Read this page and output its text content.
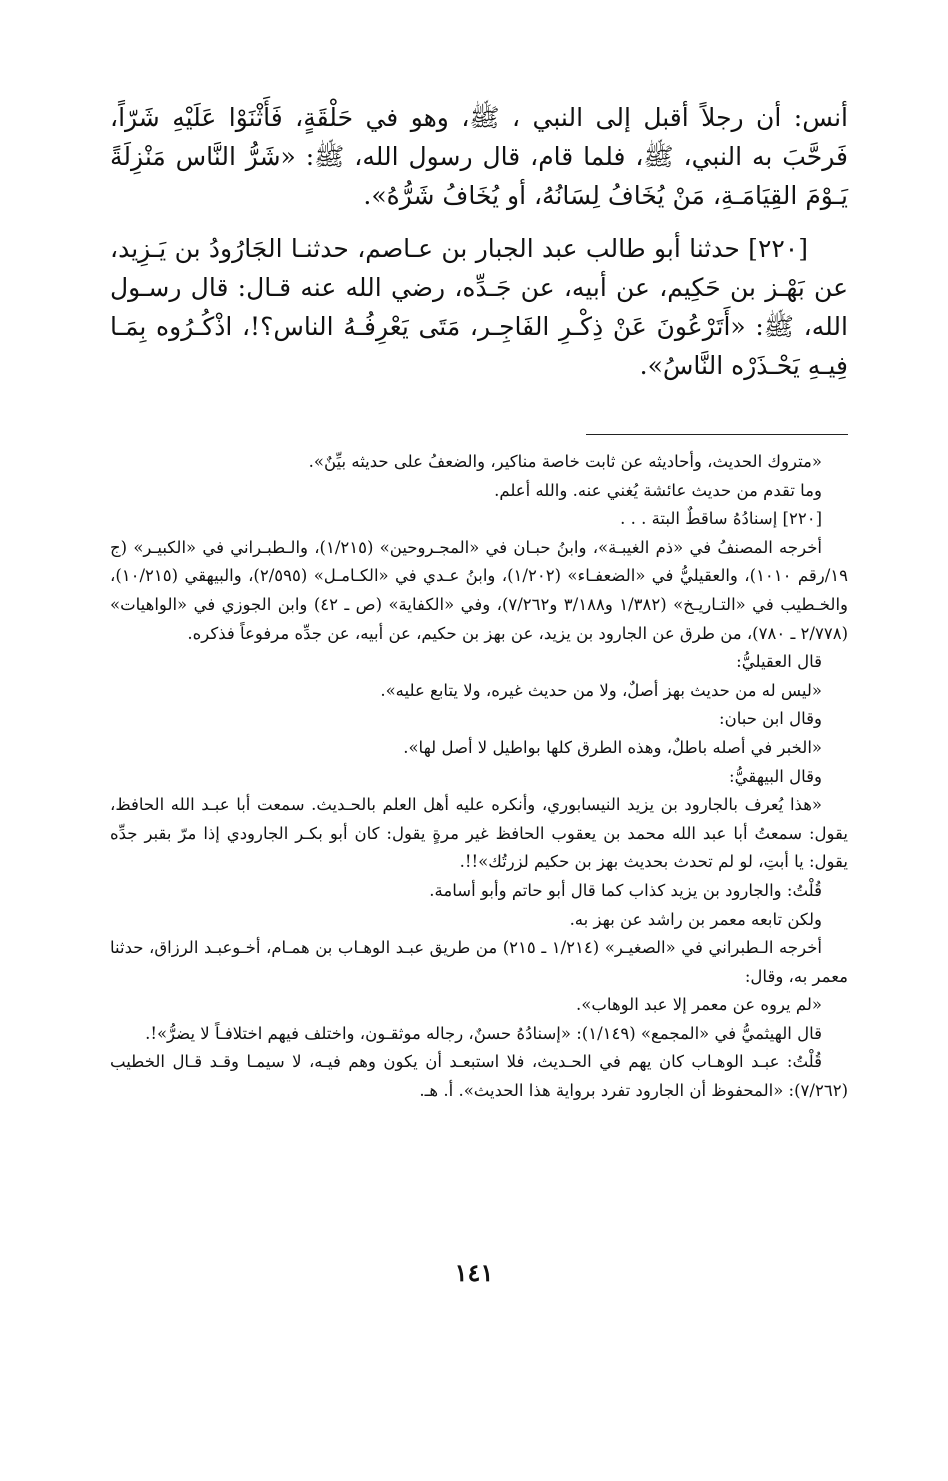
أنس: أن رجلاً أقبل إلى النبي ، ﷺ، وهو في حَلْقَةٍ، فَأَثْنَوْا عَلَيْهِ شَرّاً، فَرحَّبَ به النبي، ﷺ، فلما قام، قال رسول الله، ﷺ: «شَرُّ النَّاس مَنْزِلَةً يَـوْمَ القِيَامَـةِ، مَنْ يُخَافُ لِسَانُهُ، أو يُخَافُ شَرُّهُ».

[٢٢٠] حدثنا أبو طالب عبد الجبار بن عـاصم، حدثنـا الجَارُودُ بن يَـزِيد، عن بَهْـز بن حَكِيم، عن أبيه، عن جَـدِّه، رضي الله عنه قـال: قال رسـول الله، ﷺ: «أَتَرْعُونَ عَنْ ذِكْـرِ الفَاجِـر، مَتَى يَعْرِفُـهُ الناس؟!، اذْكُـرُوه بِمَـا فِيـهِ يَحْـذَرْه النَّاسُ».

«متروك الحديث، وأحاديثه عن ثابت خاصة مناكير، والضعفُ على حديثه بيِّنٌ».

وما تقدم من حديث عائشة يُغني عنه. والله أعلم.

[٢٢٠] إسنادُهُ ساقطٌ البتة . . .

أخرجه المصنفُ في «ذم الغيبـة»، وابنُ حبـان في «المجـروحين» (١/٢١٥)، والـطبـراني في «الكبيـر» (ج ١٩/رقم ١٠١٠)، والعقيليُّ في «الضعفـاء» (١/٢٠٢)، وابنُ عـدي في «الكـامـل» (٢/٥٩٥)، والبيهقي (١٠/٢١٥)، والخـطيب في «التـاريـخ» (١/٣٨٢ و٣/١٨٨ و٧/٢٦٢)، وفي «الكفاية» (ص ـ ٤٢) وابن الجوزي في «الواهيات» (٢/٧٧٨ ـ ٧٨٠)، من طرق عن الجارود بن يزيد، عن بهز بن حكيم، عن أبيه، عن جدِّه مرفوعاً فذكره.

قال العقيليُّ:

«ليس له من حديث بهز أصلٌ، ولا من حديث غيره، ولا يتابع عليه».

وقال ابن حبان:

«الخبر في أصله باطلٌ، وهذه الطرق كلها بواطيل لا أصل لها».

وقال البيهقيُّ:

«هذا يُعرف بالجارود بن يزيد النيسابوري، وأنكره عليه أهل العلم بالحـديث. سمعت أبا عبـد الله الحافظ، يقول: سمعتُ أبا عبد الله محمد بن يعقوب الحافظ غير مرةٍ يقول: كان أبو بكـر الجارودي إذا مرّ بقبر جدِّه يقول: يا أبتِ، لو لم تحدث بحديث بهز بن حكيم لزرتُك»!!.

قُلْتُ: والجارود بن يزيد كذاب كما قال أبو حاتم وأبو أسامة.

ولكن تابعه معمر بن راشد عن بهز به.

أخرجه الـطبراني في «الصغيـر» (١/٢١٤ ـ ٢١٥) من طريق عبـد الوهـاب بن همـام، أخـوعبـد الرزاق، حدثنا معمر به، وقال:

«لم يروه عن معمر إلا عبد الوهاب».

قال الهيثميُّ في «المجمع» (١/١٤٩): «إسنادُهُ حسنٌ، رجاله موثقـون، واختلف فيهم اختلافـاً لا يضرُّ»!.

قُلْتُ: عبـد الوهـاب كان يهم في الحـديث، فلا استبعـد أن يكون وهم فيـه، لا سيمـا وقـد قـال الخطيب (٧/٢٦٢): «المحفوظ أن الجارود تفرد برواية هذا الحديث». أ. هـ.

١٤١
